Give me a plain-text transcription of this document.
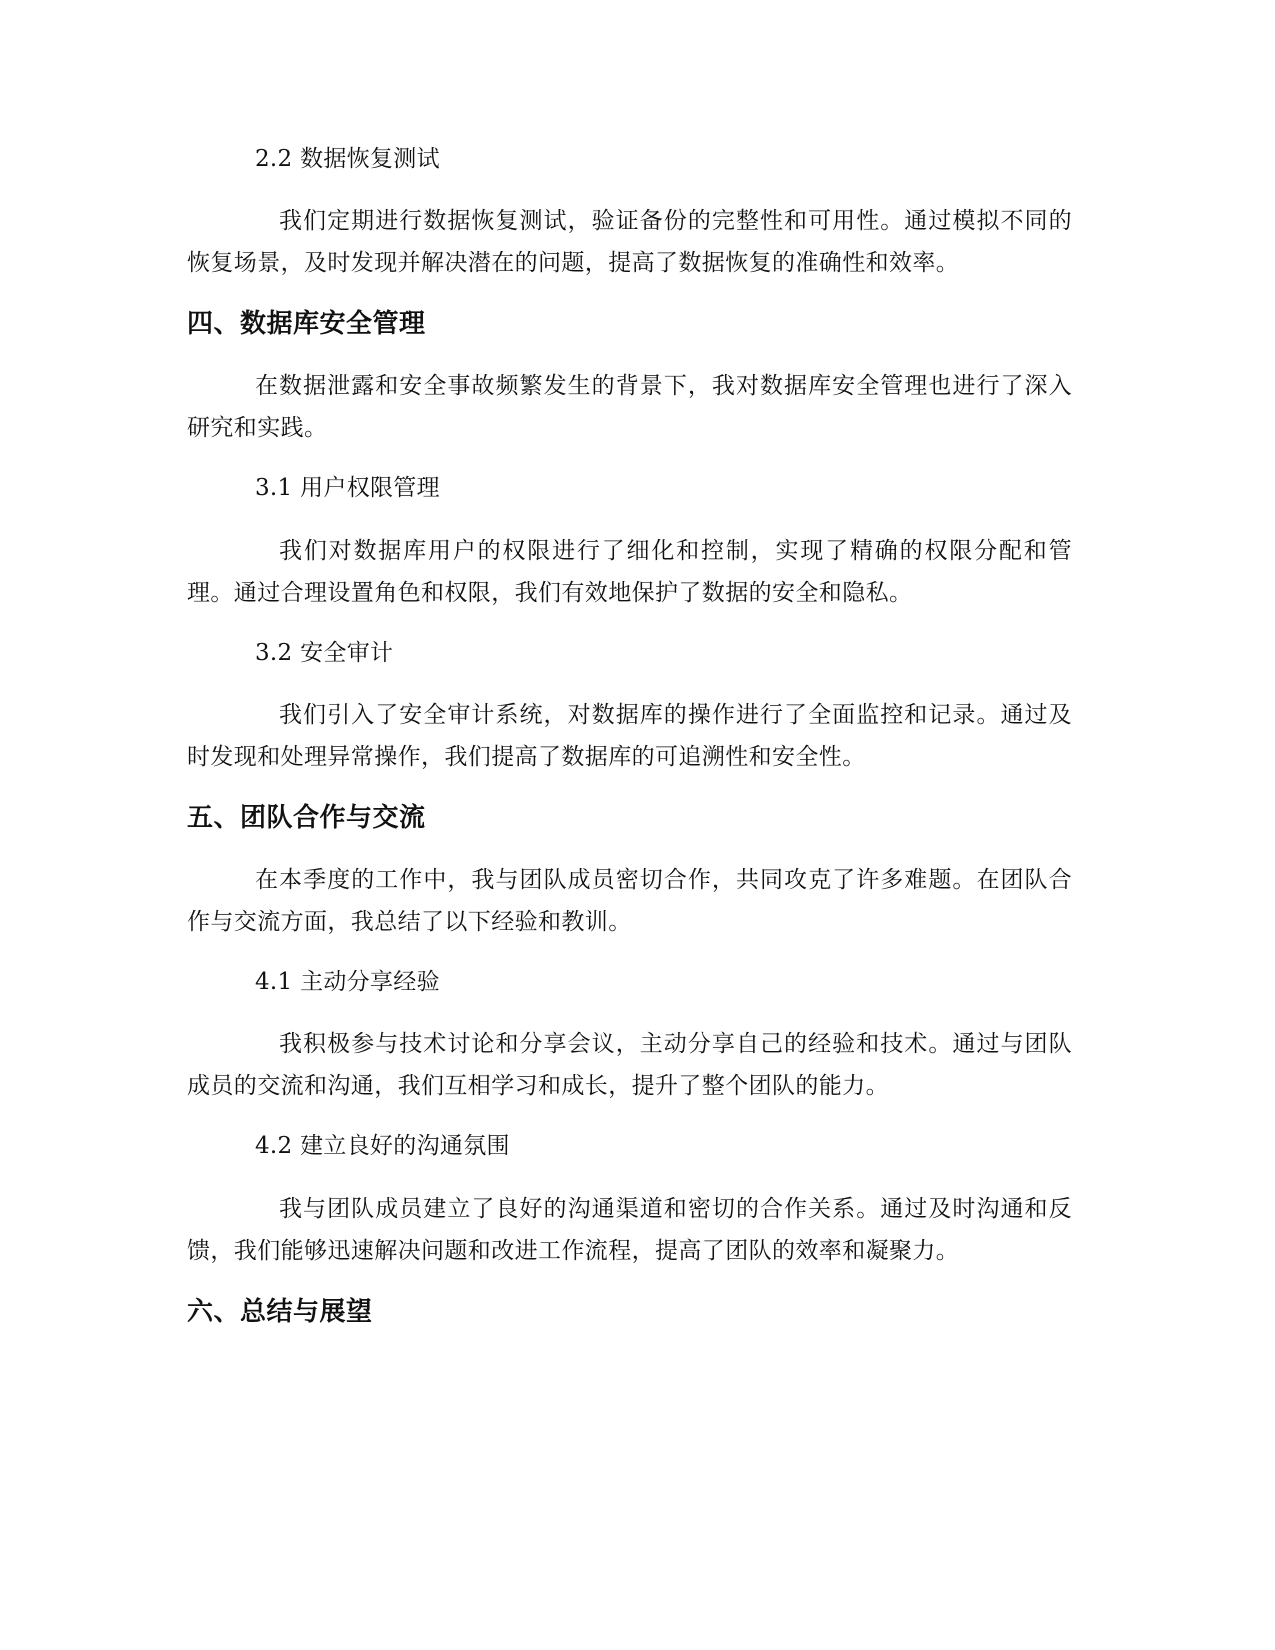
2.2 数据恢复测试

我们定期进行数据恢复测试，验证备份的完整性和可用性。通过模拟不同的恢复场景，及时发现并解决潜在的问题，提高了数据恢复的准确性和效率。

四、数据库安全管理

在数据泄露和安全事故频繁发生的背景下，我对数据库安全管理也进行了深入研究和实践。

3.1 用户权限管理

我们对数据库用户的权限进行了细化和控制，实现了精确的权限分配和管理。通过合理设置角色和权限，我们有效地保护了数据的安全和隐私。

3.2 安全审计

我们引入了安全审计系统，对数据库的操作进行了全面监控和记录。通过及时发现和处理异常操作，我们提高了数据库的可追溯性和安全性。

五、团队合作与交流

在本季度的工作中，我与团队成员密切合作，共同攻克了许多难题。在团队合作与交流方面，我总结了以下经验和教训。

4.1 主动分享经验

我积极参与技术讨论和分享会议，主动分享自己的经验和技术。通过与团队成员的交流和沟通，我们互相学习和成长，提升了整个团队的能力。

4.2 建立良好的沟通氛围

我与团队成员建立了良好的沟通渠道和密切的合作关系。通过及时沟通和反馈，我们能够迅速解决问题和改进工作流程，提高了团队的效率和凝聚力。

六、总结与展望
